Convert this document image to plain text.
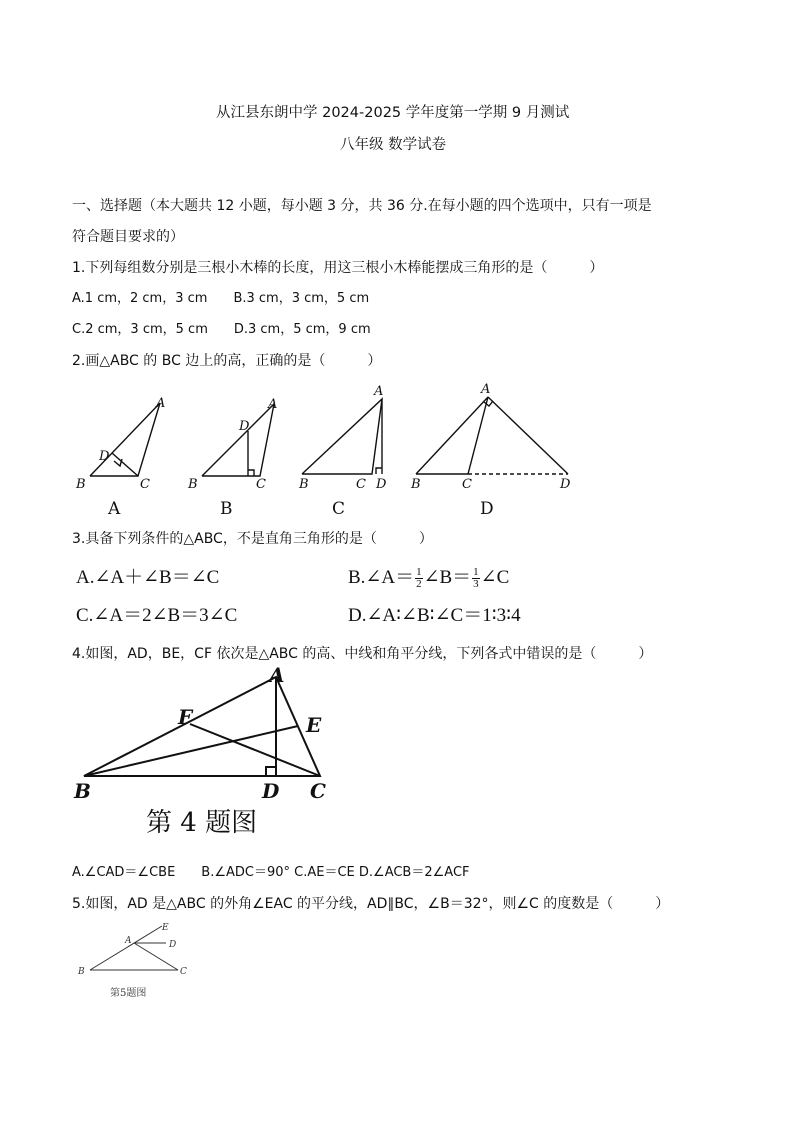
从江县东朗中学 2024-2025 学年度第一学期 9 月测试
八年级 数学试卷
一、选择题（本大题共 12 小题，每小题 3 分，共 36 分.在每小题的四个选项中，只有一项是
符合题目要求的）
1.下列每组数分别是三根小木棒的长度，用这三根小木棒能摆成三角形的是（　　　）
A.1 cm，2 cm，3 cm　　B.3 cm，3 cm，5 cm
C.2 cm，3 cm，5 cm　　D.3 cm，5 cm，9 cm
2.画△ABC 的 BC 边上的高，正确的是（　　　）
A
B	C
D
A
B	C
D
A
B	C D
A
B	C	D
A	B	C	D
3.具备下列条件的△ABC，不是直角三角形的是（　　　）
A.∠A＋∠B＝∠C	B.∠A＝ $\frac{1}{2}$ ∠B＝ $\frac{1}{3}$ ∠C
C.∠A＝2∠B＝3∠C	D.∠A∶∠B∶∠C＝1∶3∶4
4.如图，AD，BE，CF 依次是△ABC 的高、中线和角平分线，下列各式中错误的是（　　　）
A
B	C
D
E
F
第 4 题图
A.∠CAD＝∠CBE　　B.∠ADC＝90° C.AE＝CE D.∠ACB＝2∠ACF
5.如图，AD 是△ABC 的外角∠EAC 的平分线，AD∥BC，∠B＝32°，则∠C 的度数是（　　　）
A
B	C
D
E
第5题图
